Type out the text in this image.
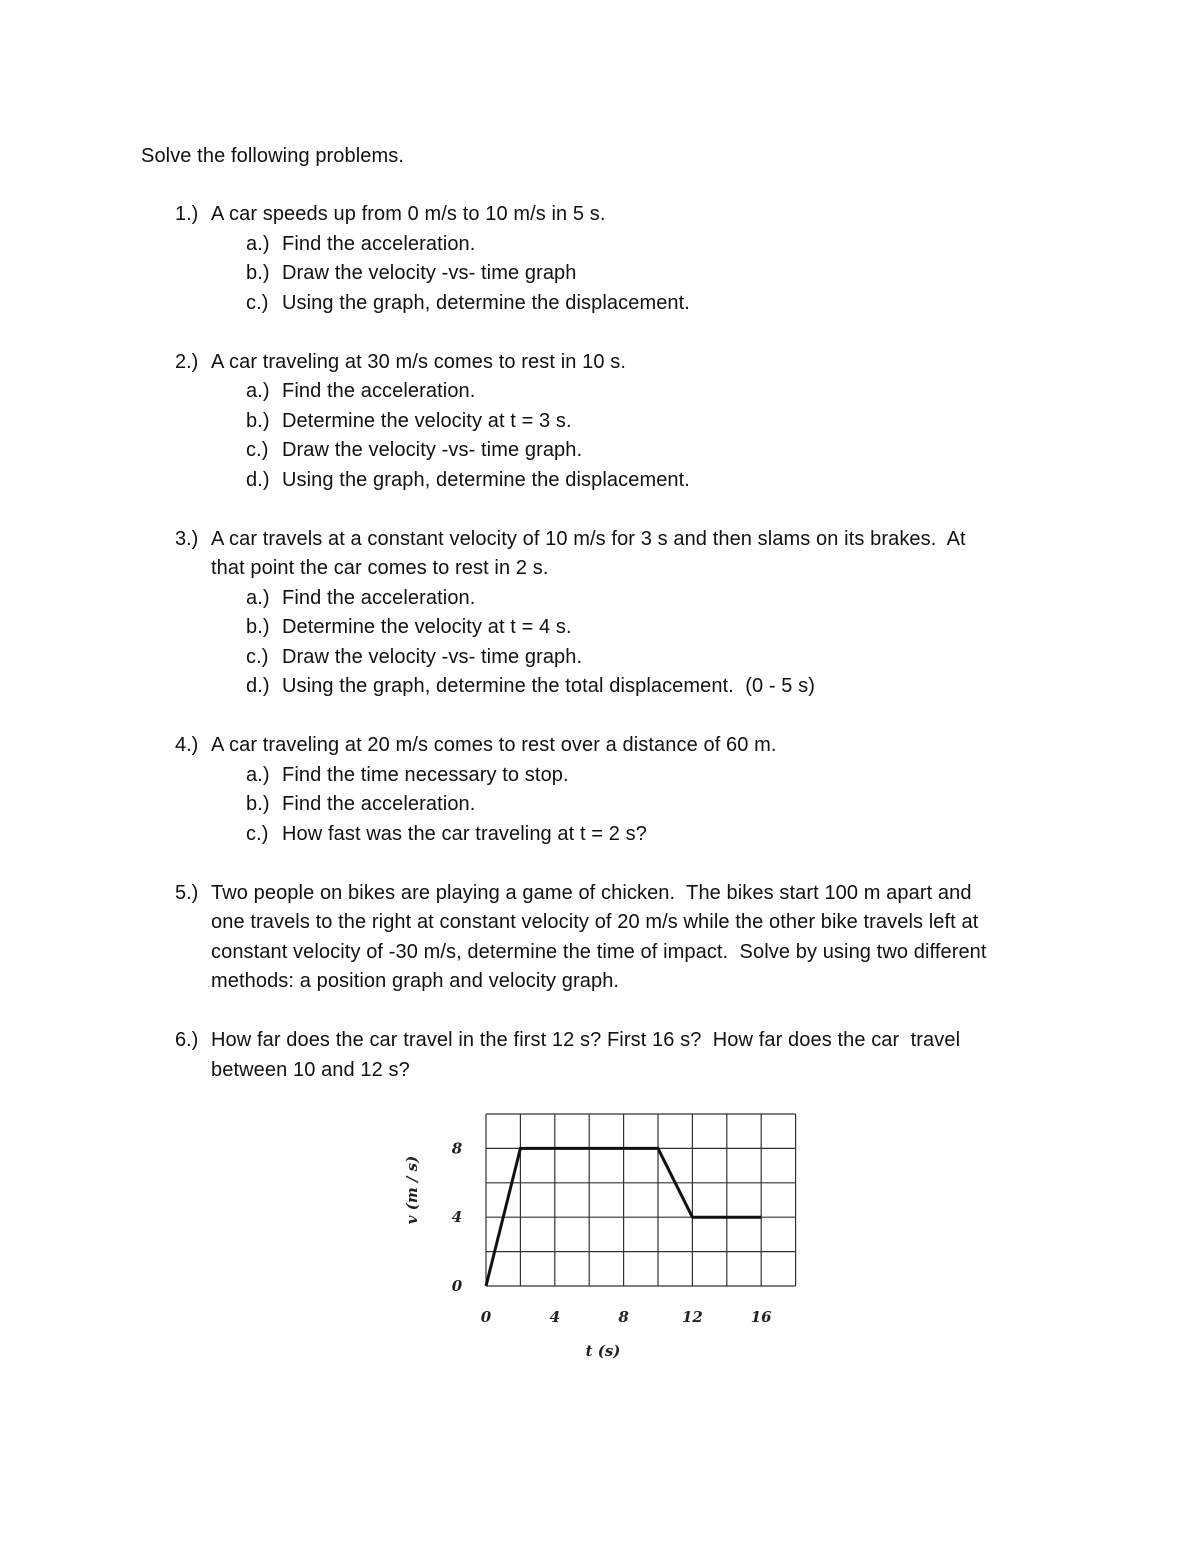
Solve the following problems.
1.) A car speeds up from 0 m/s to 10 m/s in 5 s.
a.) Find the acceleration.
b.) Draw the velocity -vs- time graph
c.) Using the graph, determine the displacement.
2.) A car traveling at 30 m/s comes to rest in 10 s.
a.) Find the acceleration.
b.) Determine the velocity at t = 3 s.
c.) Draw the velocity -vs- time graph.
d.) Using the graph, determine the displacement.
3.) A car travels at a constant velocity of 10 m/s for 3 s and then slams on its brakes.  At
that point the car comes to rest in 2 s.
a.) Find the acceleration.
b.) Determine the velocity at t = 4 s.
c.) Draw the velocity -vs- time graph.
d.) Using the graph, determine the total displacement.  (0 - 5 s)
4.) A car traveling at 20 m/s comes to rest over a distance of 60 m.
a.) Find the time necessary to stop.
b.) Find the acceleration.
c.) How fast was the car traveling at t = 2 s?
5.) Two people on bikes are playing a game of chicken.  The bikes start 100 m apart and
one travels to the right at constant velocity of 20 m/s while the other bike travels left at
constant velocity of -30 m/s, determine the time of impact.  Solve by using two different
methods: a position graph and velocity graph.
6.) How far does the car travel in the first 12 s? First 16 s?  How far does the car  travel
between 10 and 12 s?
0	4	8	12	16
0
4
8
t (s)
v (m / s)
